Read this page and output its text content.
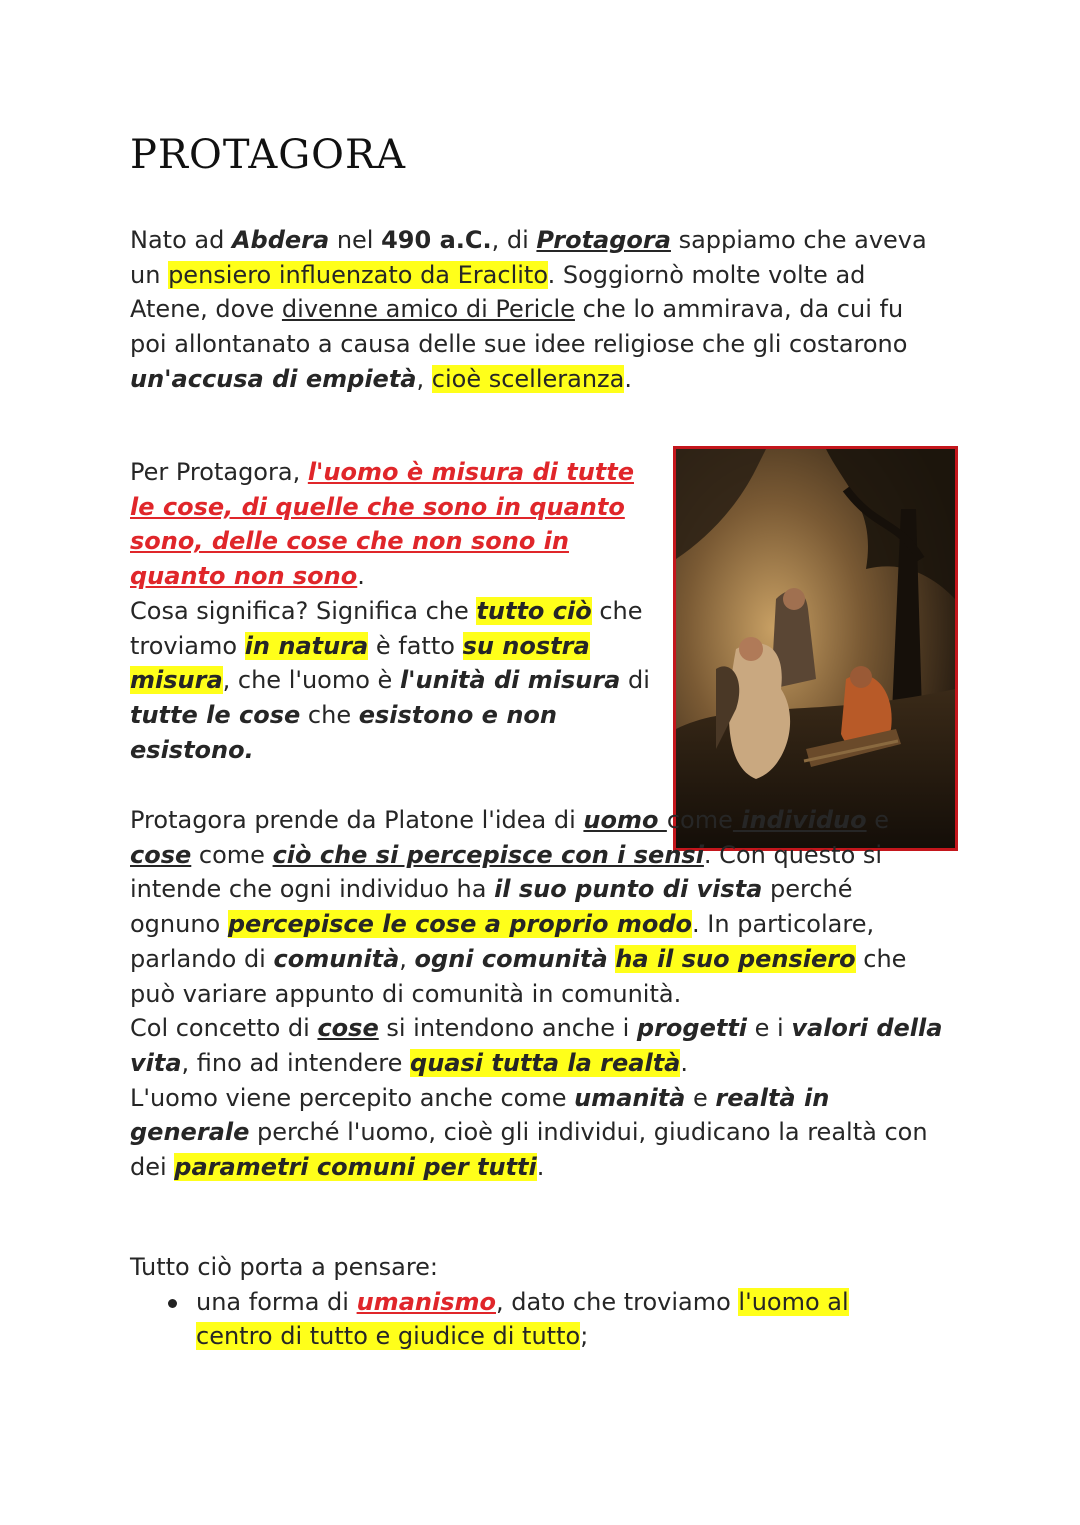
PROTAGORA

Nato ad Abdera nel 490 a.C., di Protagora sappiamo che aveva un pensiero influenzato da Eraclito. Soggiornò molte volte ad Atene, dove divenne amico di Pericle che lo ammirava, da cui fu poi allontanato a causa delle sue idee religiose che gli costarono un'accusa di empietà, cioè scelleranza.

Per Protagora, l'uomo è misura di tutte le cose, di quelle che sono in quanto sono, delle cose che non sono in quanto non sono.
Cosa significa? Significa che tutto ciò che troviamo in natura è fatto su nostra misura, che l'uomo è l'unità di misura di tutte le cose che esistono e non esistono.

Protagora prende da Platone l'idea di uomo come individuo e cose come ciò che si percepisce con i sensi. Con questo si intende che ogni individuo ha il suo punto di vista perché ognuno percepisce le cose a proprio modo. In particolare, parlando di comunità, ogni comunità ha il suo pensiero che può variare appunto di comunità in comunità.
Col concetto di cose si intendono anche i progetti e i valori della vita, fino ad intendere quasi tutta la realtà.
L'uomo viene percepito anche come umanità e realtà in generale perché l'uomo, cioè gli individui, giudicano la realtà con dei parametri comuni per tutti.

Tutto ciò porta a pensare:
una forma di umanismo, dato che troviamo l'uomo al centro di tutto e giudice di tutto;
